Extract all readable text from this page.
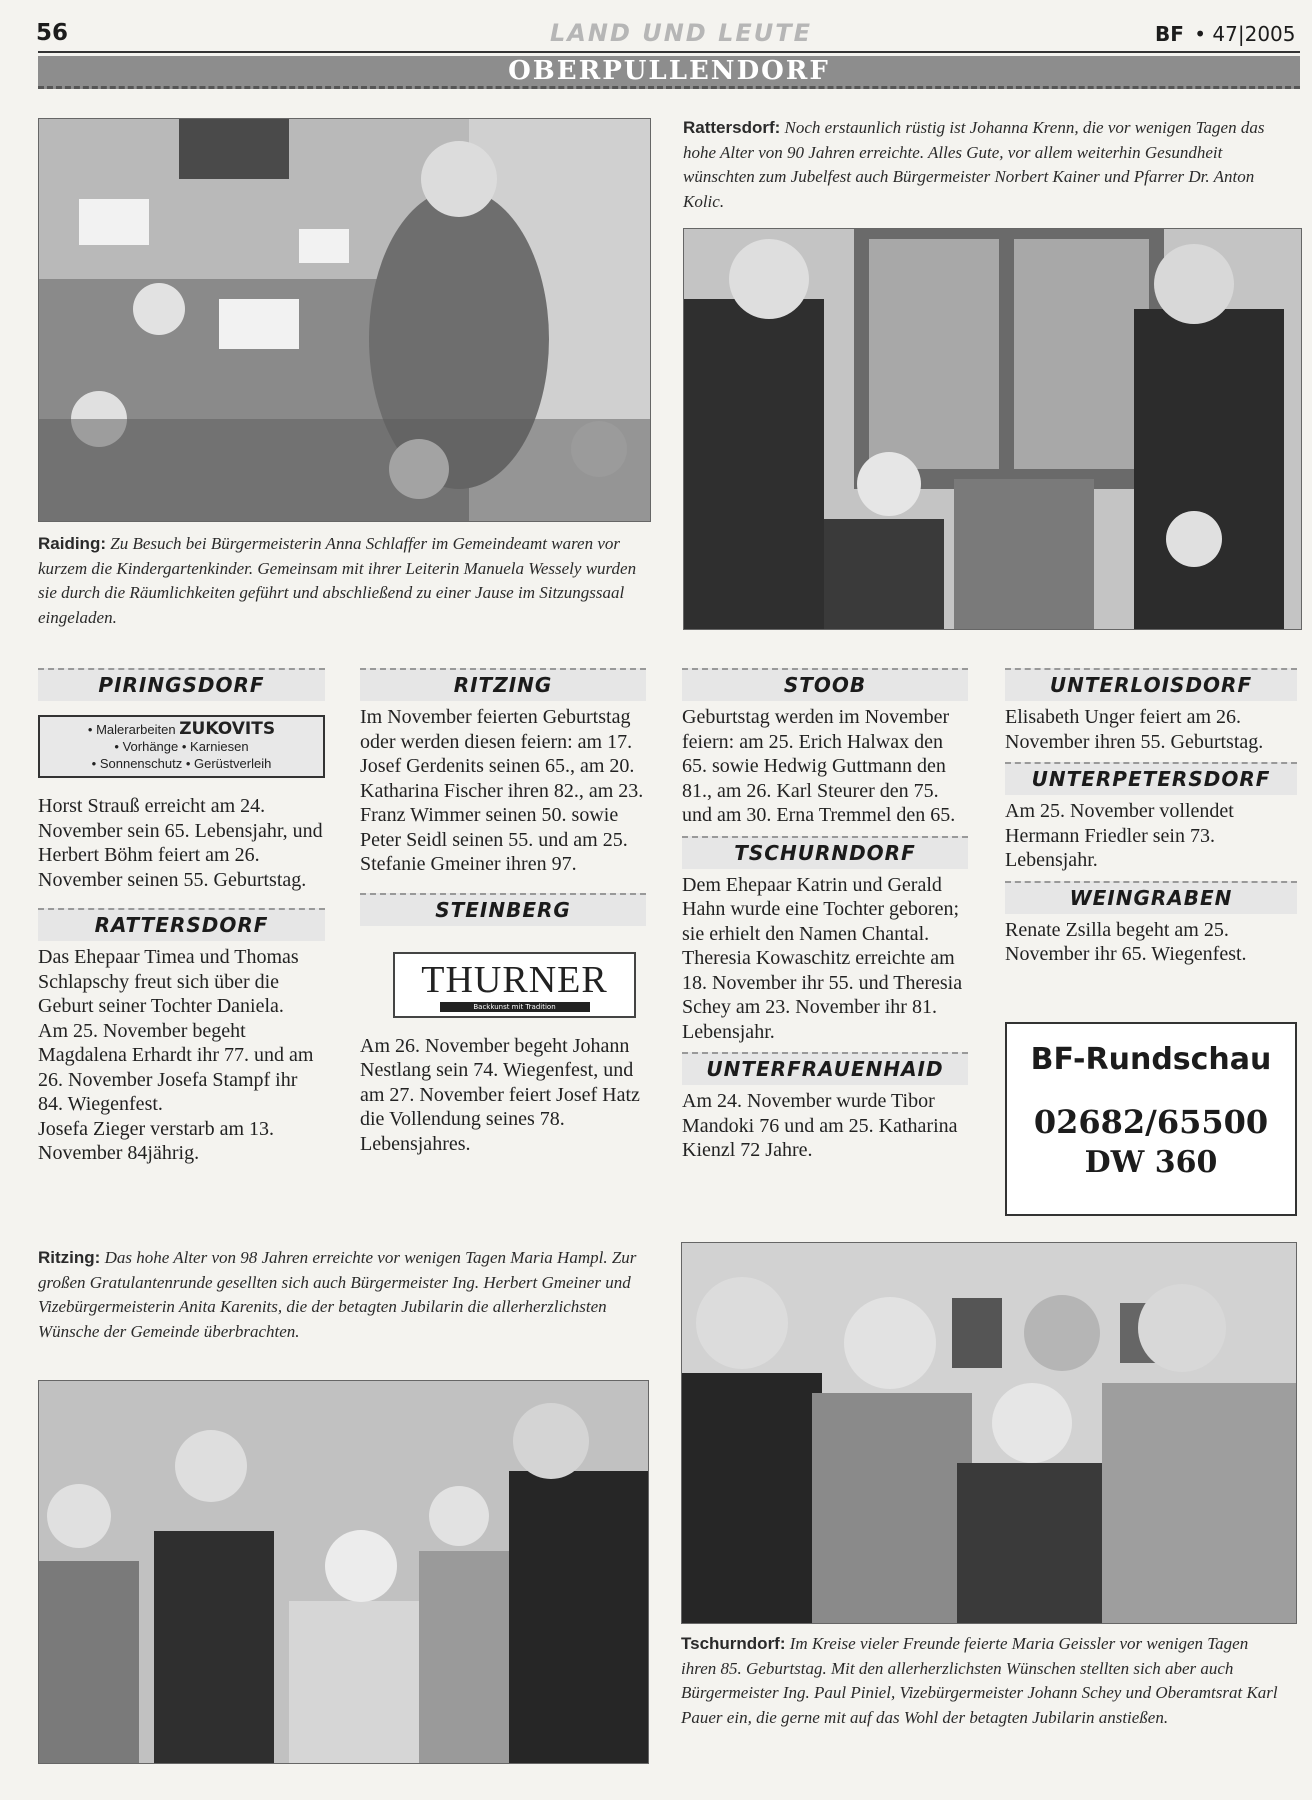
56	LAND UND LEUTE	BF • 47|2005
OBERPULLENDORF
Raiding: Zu Besuch bei Bürgermeisterin Anna Schlaffer im Gemeindeamt waren vor kurzem die Kindergartenkinder. Gemeinsam mit ihrer Leiterin Manuela Wessely wurden sie durch die Räumlichkeiten geführt und abschließend zu einer Jause im Sitzungssaal eingeladen.
Rattersdorf: Noch erstaunlich rüstig ist Johanna Krenn, die vor wenigen Tagen das hohe Alter von 90 Jahren erreichte. Alles Gute, vor allem weiterhin Gesundheit wünschten zum Jubelfest auch Bürgermeister Norbert Kainer und Pfarrer Dr. Anton Kolic.
PIRINGSDORF
• Malerarbeiten ZUKOVITS
• Vorhänge • Karniesen
• Sonnenschutz • Gerüstverleih

Horst Strauß erreicht am 24. November sein 65. Lebensjahr, und Herbert Böhm feiert am 26. November seinen 55. Geburtstag.

RATTERSDORF

Das Ehepaar Timea und Thomas Schlapschy freut sich über die Geburt seiner Tochter Daniela.

Am 25. November begeht Magdalena Erhardt ihr 77. und am 26. November Josefa Stampf ihr 84. Wiegenfest.

Josefa Zieger verstarb am 13. November 84jährig.

RITZING

Im November feierten Geburtstag oder werden diesen feiern: am 17. Josef Gerdenits seinen 65., am 20. Katharina Fischer ihren 82., am 23. Franz Wimmer seinen 50. sowie Peter Seidl seinen 55. und am 25. Stefanie Gmeiner ihren 97.

STEINBERG
THURNER
Backkunst mit Tradition

Am 26. November begeht Johann Nestlang sein 74. Wiegenfest, und am 27. November feiert Josef Hatz die Vollendung seines 78. Lebensjahres.

STOOB

Geburtstag werden im November feiern: am 25. Erich Halwax den 65. sowie Hedwig Guttmann den 81., am 26. Karl Steurer den 75. und am 30. Erna Tremmel den 65.

TSCHURNDORF

Dem Ehepaar Katrin und Gerald Hahn wurde eine Tochter geboren; sie erhielt den Namen Chantal.

Theresia Kowaschitz erreichte am 18. November ihr 55. und Theresia Schey am 23. November ihr 81. Lebensjahr.

UNTERFRAUENHAID

Am 24. November wurde Tibor Mandoki 76 und am 25. Katharina Kienzl 72 Jahre.

UNTERLOISDORF

Elisabeth Unger feiert am 26. November ihren 55. Geburtstag.

UNTERPETERSDORF

Am 25. November vollendet Hermann Friedler sein 73. Lebensjahr.

WEINGRABEN

Renate Zsilla begeht am 25. November ihr 65. Wiegenfest.

BF-Rundschau
02682/65500
DW 360
Ritzing: Das hohe Alter von 98 Jahren erreichte vor wenigen Tagen Maria Hampl. Zur großen Gratulantenrunde gesellten sich auch Bürgermeister Ing. Herbert Gmeiner und Vizebürgermeisterin Anita Karenits, die der betagten Jubilarin die allerherzlichsten Wünsche der Gemeinde überbrachten.
Tschurndorf: Im Kreise vieler Freunde feierte Maria Geissler vor wenigen Tagen ihren 85. Geburtstag. Mit den allerherzlichsten Wünschen stellten sich aber auch Bürgermeister Ing. Paul Piniel, Vizebürgermeister Johann Schey und Oberamtsrat Karl Pauer ein, die gerne mit auf das Wohl der betagten Jubilarin anstießen.
